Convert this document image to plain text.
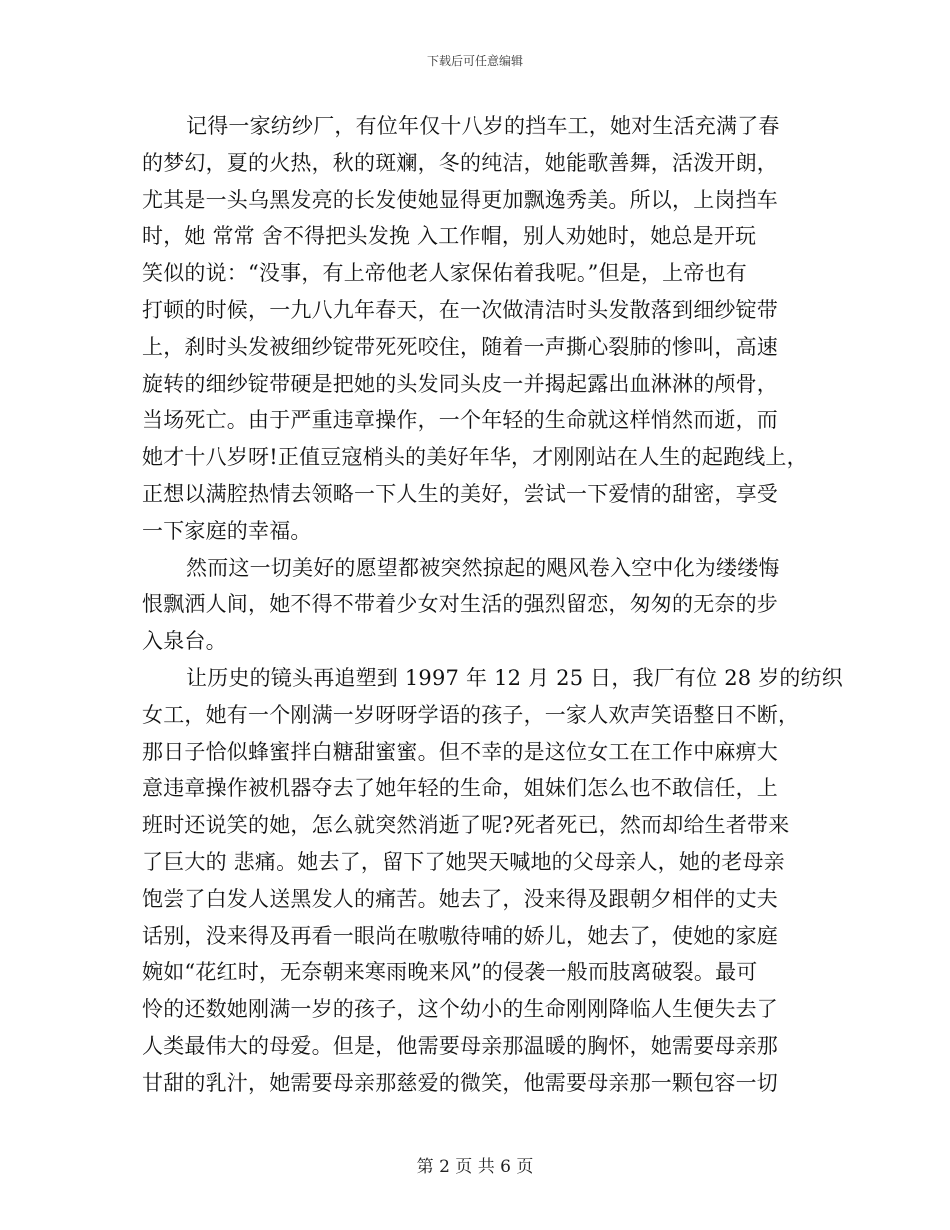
下载后可任意编辑
记得一家纺纱厂，有位年仅十八岁的挡车工，她对生活充满了春
的梦幻，夏的火热，秋的斑斓，冬的纯洁，她能歌善舞，活泼开朗，
尤其是一头乌黑发亮的长发使她显得更加飘逸秀美。所以，上岗挡车
时，她 常常 舍不得把头发挽 入工作帽，别人劝她时，她总是开玩
笑似的说：“没事，有上帝他老人家保佑着我呢。”但是，上帝也有
打顿的时候，一九八九年春天，在一次做清洁时头发散落到细纱锭带
上，刹时头发被细纱锭带死死咬住，随着一声撕心裂肺的惨叫，高速
旋转的细纱锭带硬是把她的头发同头皮一并揭起露出血淋淋的颅骨，
当场死亡。由于严重违章操作，一个年轻的生命就这样悄然而逝，而
她才十八岁呀!正值豆寇梢头的美好年华，才刚刚站在人生的起跑线上，
正想以满腔热情去领略一下人生的美好，尝试一下爱情的甜密，享受
一下家庭的幸福。
然而这一切美好的愿望都被突然掠起的飓风卷入空中化为缕缕悔
恨飘洒人间，她不得不带着少女对生活的强烈留恋，匆匆的无奈的步
入泉台。
让历史的镜头再追塑到 1997 年 12 月 25 日，我厂有位 28 岁的纺织
女工，她有一个刚满一岁呀呀学语的孩子，一家人欢声笑语整日不断，
那日子恰似蜂蜜拌白糖甜蜜蜜。但不幸的是这位女工在工作中麻痹大
意违章操作被机器夺去了她年轻的生命，姐妹们怎么也不敢信任，上
班时还说笑的她，怎么就突然消逝了呢?死者死已，然而却给生者带来
了巨大的 悲痛。她去了，留下了她哭天喊地的父母亲人，她的老母亲
饱尝了白发人送黑发人的痛苦。她去了，没来得及跟朝夕相伴的丈夫
话别，没来得及再看一眼尚在嗷嗷待哺的娇儿，她去了，使她的家庭
婉如“花红时，无奈朝来寒雨晚来风”的侵袭一般而肢离破裂。最可
怜的还数她刚满一岁的孩子，这个幼小的生命刚刚降临人生便失去了
人类最伟大的母爱。但是，他需要母亲那温暖的胸怀，她需要母亲那
甘甜的乳汁，她需要母亲那慈爱的微笑，他需要母亲那一颗包容一切
第 2 页 共 6 页
